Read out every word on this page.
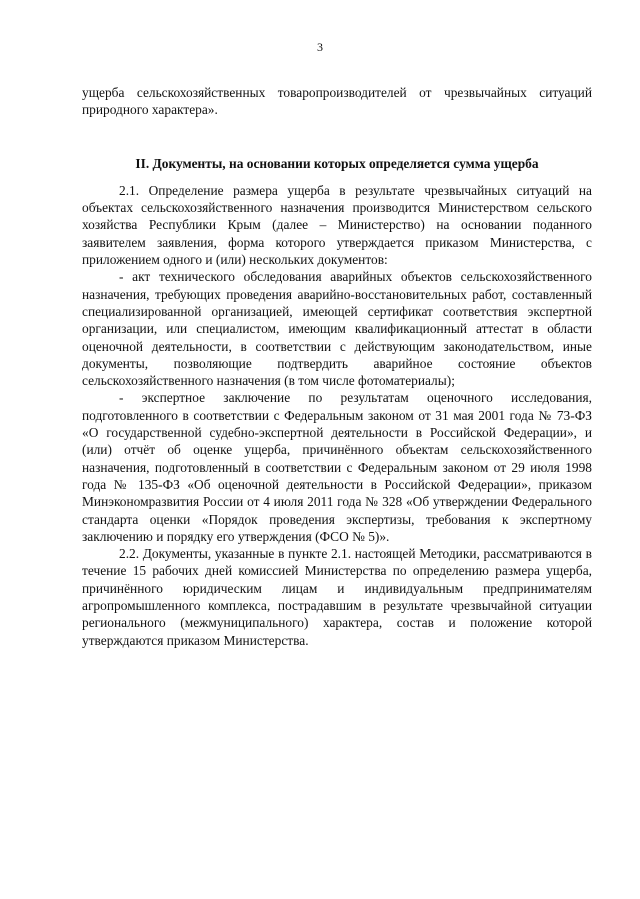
3

ущерба сельскохозяйственных товаропроизводителей от чрезвычайных ситуаций природного характера».

II. Документы, на основании которых определяется сумма ущерба

2.1. Определение размера ущерба в результате чрезвычайных ситуаций на объектах сельскохозяйственного назначения производится Министерством сельского хозяйства Республики Крым (далее – Министерство) на основании поданного заявителем заявления, форма которого утверждается приказом Министерства, с приложением одного и (или) нескольких документов:

- акт технического обследования аварийных объектов сельскохозяйственного назначения, требующих проведения аварийно-восстановительных работ, составленный специализированной организацией, имеющей сертификат соответствия экспертной организации, или специалистом, имеющим квалификационный аттестат в области оценочной деятельности, в соответствии с действующим законодательством, иные документы, позволяющие подтвердить аварийное состояние объектов сельскохозяйственного назначения (в том числе фотоматериалы);

- экспертное заключение по результатам оценочного исследования, подготовленного в соответствии с Федеральным законом от 31 мая 2001 года № 73-ФЗ «О государственной судебно-экспертной деятельности в Российской Федерации», и (или) отчёт об оценке ущерба, причинённого объектам сельскохозяйственного назначения, подготовленный в соответствии с Федеральным законом от 29 июля 1998 года № 135-ФЗ «Об оценочной деятельности в Российской Федерации», приказом Минэкономразвития России от 4 июля 2011 года № 328 «Об утверждении Федерального стандарта оценки «Порядок проведения экспертизы, требования к экспертному заключению и порядку его утверждения (ФСО № 5)».

2.2. Документы, указанные в пункте 2.1. настоящей Методики, рассматриваются в течение 15 рабочих дней комиссией Министерства по определению размера ущерба, причинённого юридическим лицам и индивидуальным предпринимателям агропромышленного комплекса, пострадавшим в результате чрезвычайной ситуации регионального (межмуниципального) характера, состав и положение которой утверждаются приказом Министерства.
